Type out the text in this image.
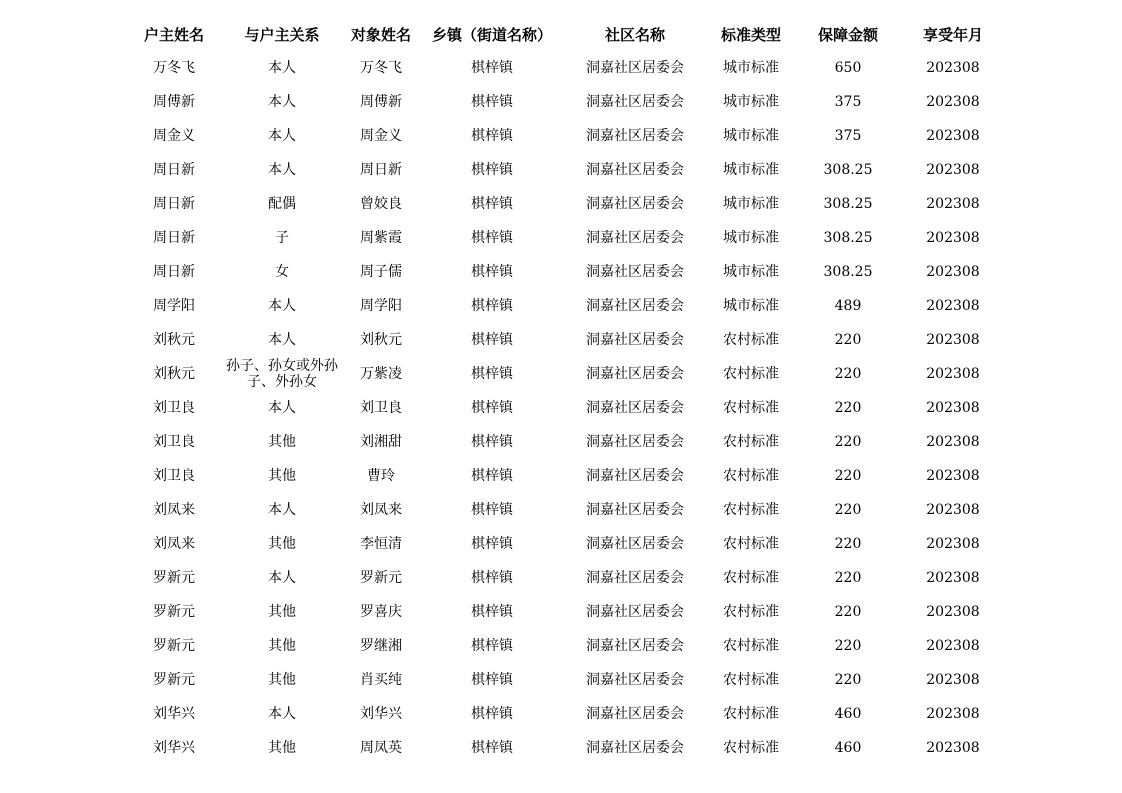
户主姓名	与户主关系	对象姓名	乡镇（街道名称）	社区名称	标准类型	保障金额	享受年月
万冬飞	本人	万冬飞	棋梓镇	洞嘉社区居委会	城市标准	650	202308
周傅新	本人	周傅新	棋梓镇	洞嘉社区居委会	城市标准	375	202308
周金义	本人	周金义	棋梓镇	洞嘉社区居委会	城市标准	375	202308
周日新	本人	周日新	棋梓镇	洞嘉社区居委会	城市标准	308.25	202308
周日新	配偶	曾姣良	棋梓镇	洞嘉社区居委会	城市标准	308.25	202308
周日新	子	周紫霞	棋梓镇	洞嘉社区居委会	城市标准	308.25	202308
周日新	女	周子儒	棋梓镇	洞嘉社区居委会	城市标准	308.25	202308
周学阳	本人	周学阳	棋梓镇	洞嘉社区居委会	城市标准	489	202308
刘秋元	本人	刘秋元	棋梓镇	洞嘉社区居委会	农村标准	220	202308
刘秋元	孙子、孙女或外孙子、外孙女	万紫凌	棋梓镇	洞嘉社区居委会	农村标准	220	202308
刘卫良	本人	刘卫良	棋梓镇	洞嘉社区居委会	农村标准	220	202308
刘卫良	其他	刘湘甜	棋梓镇	洞嘉社区居委会	农村标准	220	202308
刘卫良	其他	曹玲	棋梓镇	洞嘉社区居委会	农村标准	220	202308
刘凤来	本人	刘凤来	棋梓镇	洞嘉社区居委会	农村标准	220	202308
刘凤来	其他	李恒清	棋梓镇	洞嘉社区居委会	农村标准	220	202308
罗新元	本人	罗新元	棋梓镇	洞嘉社区居委会	农村标准	220	202308
罗新元	其他	罗喜庆	棋梓镇	洞嘉社区居委会	农村标准	220	202308
罗新元	其他	罗继湘	棋梓镇	洞嘉社区居委会	农村标准	220	202308
罗新元	其他	肖买纯	棋梓镇	洞嘉社区居委会	农村标准	220	202308
刘华兴	本人	刘华兴	棋梓镇	洞嘉社区居委会	农村标准	460	202308
刘华兴	其他	周凤英	棋梓镇	洞嘉社区居委会	农村标准	460	202308
